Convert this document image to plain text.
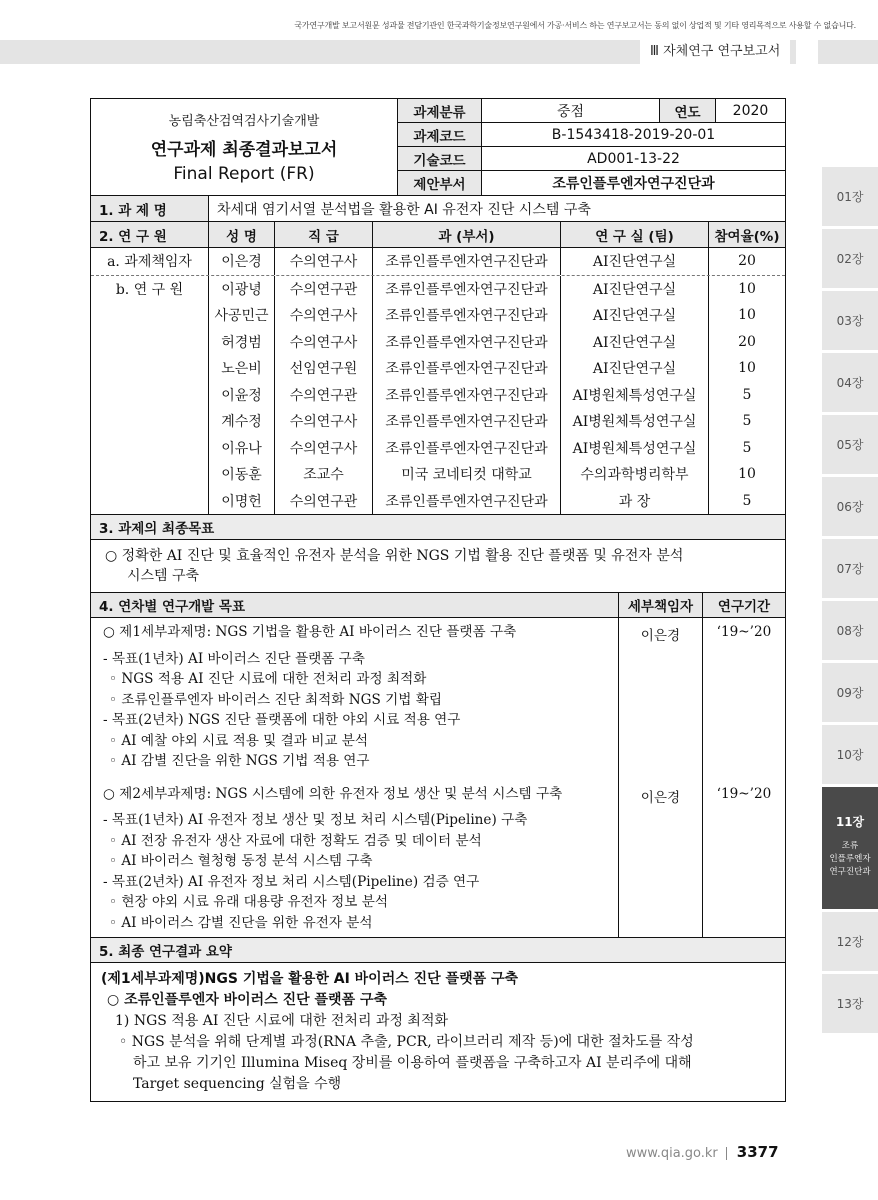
국가연구개발 보고서원문 성과물 전담기관인 한국과학기술정보연구원에서 가공·서비스 하는 연구보고서는 동의 없이 상업적 및 기타 영리목적으로 사용할 수 없습니다.
Ⅲ 자체연구 연구보고서
01장
02장
03장
04장
05장
06장
07장
08장
09장
10장
11장
조류
인플루엔자
연구진단과
12장
13장
농림축산검역검사기술개발
연구과제 최종결과보고서
Final Report (FR)
과제분류	중점	연도	2020
과제코드	B-1543418-2019-20-01
기술코드	AD001-13-22
제안부서	조류인플루엔자연구진단과
1. 과 제 명	차세대 염기서열 분석법을 활용한 AI 유전자 진단 시스템 구축
2. 연 구 원	성 명	직 급	과 (부서)	연 구 실 (팀)	참여율(%)
a. 과제책임자	이은경	수의연구사	조류인플루엔자연구진단과	AI진단연구실	20
b. 연 구 원	이광녕	수의연구관	조류인플루엔자연구진단과	AI진단연구실	10
사공민근	수의연구사	조류인플루엔자연구진단과	AI진단연구실	10
허경범	수의연구사	조류인플루엔자연구진단과	AI진단연구실	20
노은비	선임연구원	조류인플루엔자연구진단과	AI진단연구실	10
이윤정	수의연구관	조류인플루엔자연구진단과	AI병원체특성연구실	5
계수정	수의연구사	조류인플루엔자연구진단과	AI병원체특성연구실	5
이유나	수의연구사	조류인플루엔자연구진단과	AI병원체특성연구실	5
이동훈	조교수	미국 코네티컷 대학교	수의과학병리학부	10
이명헌	수의연구관	조류인플루엔자연구진단과	과 장	5
3. 과제의 최종목표
○ 정확한 AI 진단 및 효율적인 유전자 분석을 위한 NGS 기법 활용 진단 플랫폼 및 유전자 분석
시스템 구축
4. 연차별 연구개발 목표	세부책임자	연구기간
○ 제1세부과제명: NGS 기법을 활용한 AI 바이러스 진단 플랫폼 구축
- 목표(1년차) AI 바이러스 진단 플랫폼 구축
◦ NGS 적용 AI 진단 시료에 대한 전처리 과정 최적화
◦ 조류인플루엔자 바이러스 진단 최적화 NGS 기법 확립
- 목표(2년차) NGS 진단 플랫폼에 대한 야외 시료 적용 연구
◦ AI 예찰 야외 시료 적용 및 결과 비교 분석
◦ AI 감별 진단을 위한 NGS 기법 적용 연구
이은경	‘19~’20
○ 제2세부과제명: NGS 시스템에 의한 유전자 정보 생산 및 분석 시스템 구축
- 목표(1년차) AI 유전자 정보 생산 및 정보 처리 시스템(Pipeline) 구축
◦ AI 전장 유전자 생산 자료에 대한 정확도 검증 및 데이터 분석
◦ AI 바이러스 혈청형 동정 분석 시스템 구축
- 목표(2년차) AI 유전자 정보 처리 시스템(Pipeline) 검증 연구
◦ 현장 야외 시료 유래 대용량 유전자 정보 분석
◦ AI 바이러스 감별 진단을 위한 유전자 분석
이은경	‘19~’20
5. 최종 연구결과 요약
(제1세부과제명)NGS 기법을 활용한 AI 바이러스 진단 플랫폼 구축
○ 조류인플루엔자 바이러스 진단 플랫폼 구축
1) NGS 적용 AI 진단 시료에 대한 전처리 과정 최적화
◦ NGS 분석을 위해 단계별 과정(RNA 추출, PCR, 라이브러리 제작 등)에 대한 절차도를 작성
하고 보유 기기인 Illumina Miseq 장비를 이용하여 플랫폼을 구축하고자 AI 분리주에 대해
Target sequencing 실험을 수행
www.qia.go.kr 3377
